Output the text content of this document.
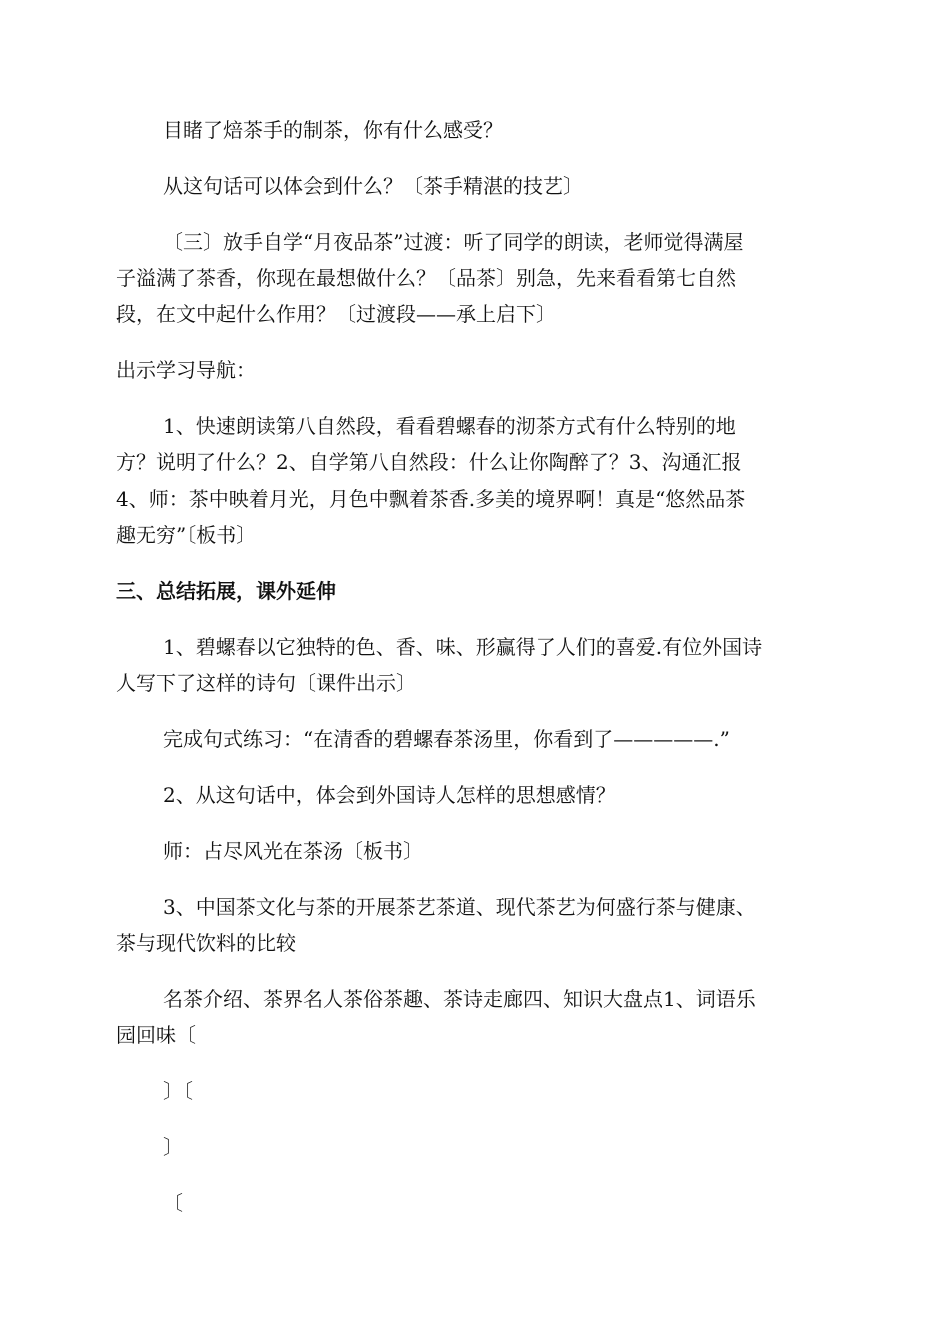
目睹了焙茶手的制茶，你有什么感受？
从这句话可以体会到什么？〔茶手精湛的技艺〕
〔三〕放手自学“月夜品茶”过渡：听了同学的朗读，老师觉得满屋
子溢满了茶香，你现在最想做什么？〔品茶〕别急，先来看看第七自然
段，在文中起什么作用？〔过渡段——承上启下〕
出示学习导航：
1、快速朗读第八自然段，看看碧螺春的沏茶方式有什么特别的地
方？说明了什么？2、自学第八自然段：什么让你陶醉了？3、沟通汇报
4、师：茶中映着月光，月色中飘着茶香.多美的境界啊！真是“悠然品茶
趣无穷”〔板书〕
三、总结拓展，课外延伸
1、碧螺春以它独特的色、香、味、形赢得了人们的喜爱.有位外国诗
人写下了这样的诗句〔课件出示〕
完成句式练习：“在清香的碧螺春茶汤里，你看到了—————.”
2、从这句话中，体会到外国诗人怎样的思想感情？
师：占尽风光在茶汤〔板书〕
3、中国茶文化与茶的开展茶艺茶道、现代茶艺为何盛行茶与健康、
茶与现代饮料的比较
名茶介绍、茶界名人茶俗茶趣、茶诗走廊四、知识大盘点1、词语乐
园回味〔
〕〔
〕
〔
